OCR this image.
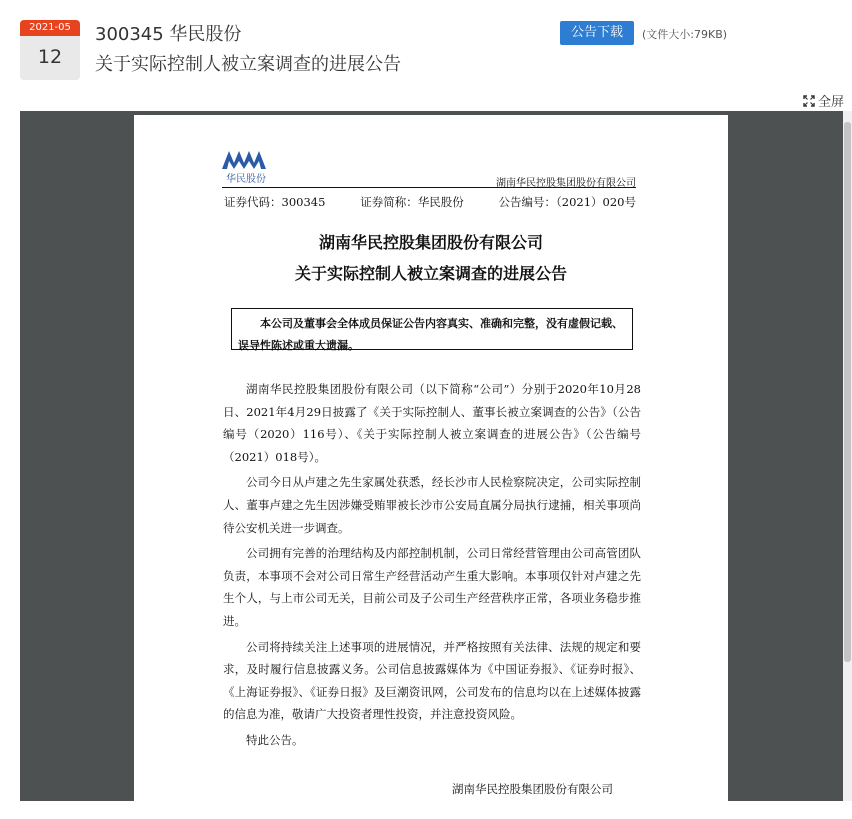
2021-05
12
300345 华民股份
关于实际控制人被立案调查的进展公告
公告下载	(文件大小:79KB)
全屏
华民股份	湖南华民控股集团股份有限公司
证券代码：300345	证券简称：华民股份	公告编号：（2021）020号
湖南华民控股集团股份有限公司
关于实际控制人被立案调查的进展公告
本公司及董事会全体成员保证公告内容真实、准确和完整，没有虚假记载、误导性陈述或重大遗漏。

湖南华民控股集团股份有限公司（以下简称“公司”）分别于2020年10月28日、2021年4月29日披露了《关于实际控制人、董事长被立案调查的公告》（公告编号（2020）116号）、《关于实际控制人被立案调查的进展公告》（公告编号（2021）018号）。

公司今日从卢建之先生家属处获悉，经长沙市人民检察院决定，公司实际控制人、董事卢建之先生因涉嫌受贿罪被长沙市公安局直属分局执行逮捕，相关事项尚待公安机关进一步调查。

公司拥有完善的治理结构及内部控制机制，公司日常经营管理由公司高管团队负责，本事项不会对公司日常生产经营活动产生重大影响。本事项仅针对卢建之先生个人，与上市公司无关，目前公司及子公司生产经营秩序正常，各项业务稳步推进。

公司将持续关注上述事项的进展情况，并严格按照有关法律、法规的规定和要求，及时履行信息披露义务。公司信息披露媒体为《中国证券报》、《证券时报》、《上海证券报》、《证券日报》及巨潮资讯网，公司发布的信息均以在上述媒体披露的信息为准，敬请广大投资者理性投资，并注意投资风险。

特此公告。

湖南华民控股集团股份有限公司
